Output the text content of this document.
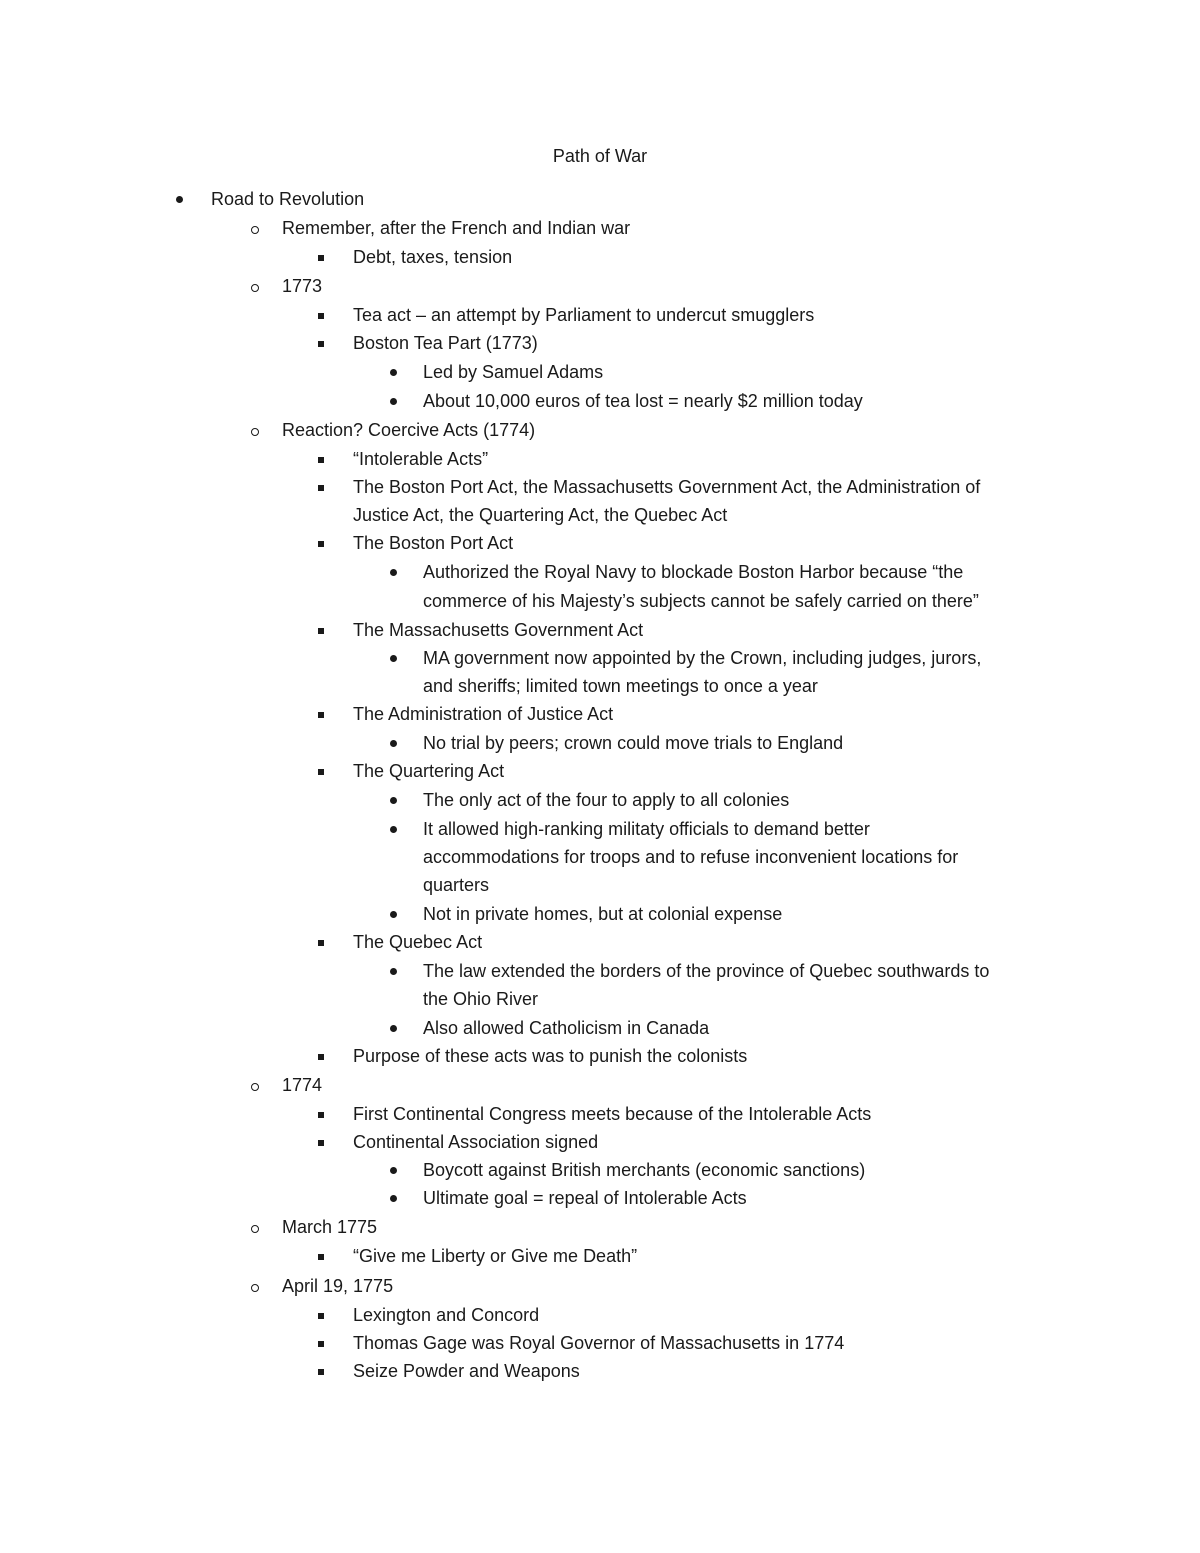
Path of War
Road to Revolution
Remember, after the French and Indian war
Debt, taxes, tension
1773
Tea act – an attempt by Parliament to undercut smugglers
Boston Tea Part (1773)
Led by Samuel Adams
About 10,000 euros of tea lost = nearly $2 million today
Reaction? Coercive Acts (1774)
“Intolerable Acts”
The Boston Port Act, the Massachusetts Government Act, the Administration of
Justice Act, the Quartering Act, the Quebec Act
The Boston Port Act
Authorized the Royal Navy to blockade Boston Harbor because “the
commerce of his Majesty’s subjects cannot be safely carried on there”
The Massachusetts Government Act
MA government now appointed by the Crown, including judges, jurors,
and sheriffs; limited town meetings to once a year
The Administration of Justice Act
No trial by peers; crown could move trials to England
The Quartering Act
The only act of the four to apply to all colonies
It allowed high-ranking militaty officials to demand better
accommodations for troops and to refuse inconvenient locations for
quarters
Not in private homes, but at colonial expense
The Quebec Act
The law extended the borders of the province of Quebec southwards to
the Ohio River
Also allowed Catholicism in Canada
Purpose of these acts was to punish the colonists
1774
First Continental Congress meets because of the Intolerable Acts
Continental Association signed
Boycott against British merchants (economic sanctions)
Ultimate goal = repeal of Intolerable Acts
March 1775
“Give me Liberty or Give me Death”
April 19, 1775
Lexington and Concord
Thomas Gage was Royal Governor of Massachusetts in 1774
Seize Powder and Weapons
